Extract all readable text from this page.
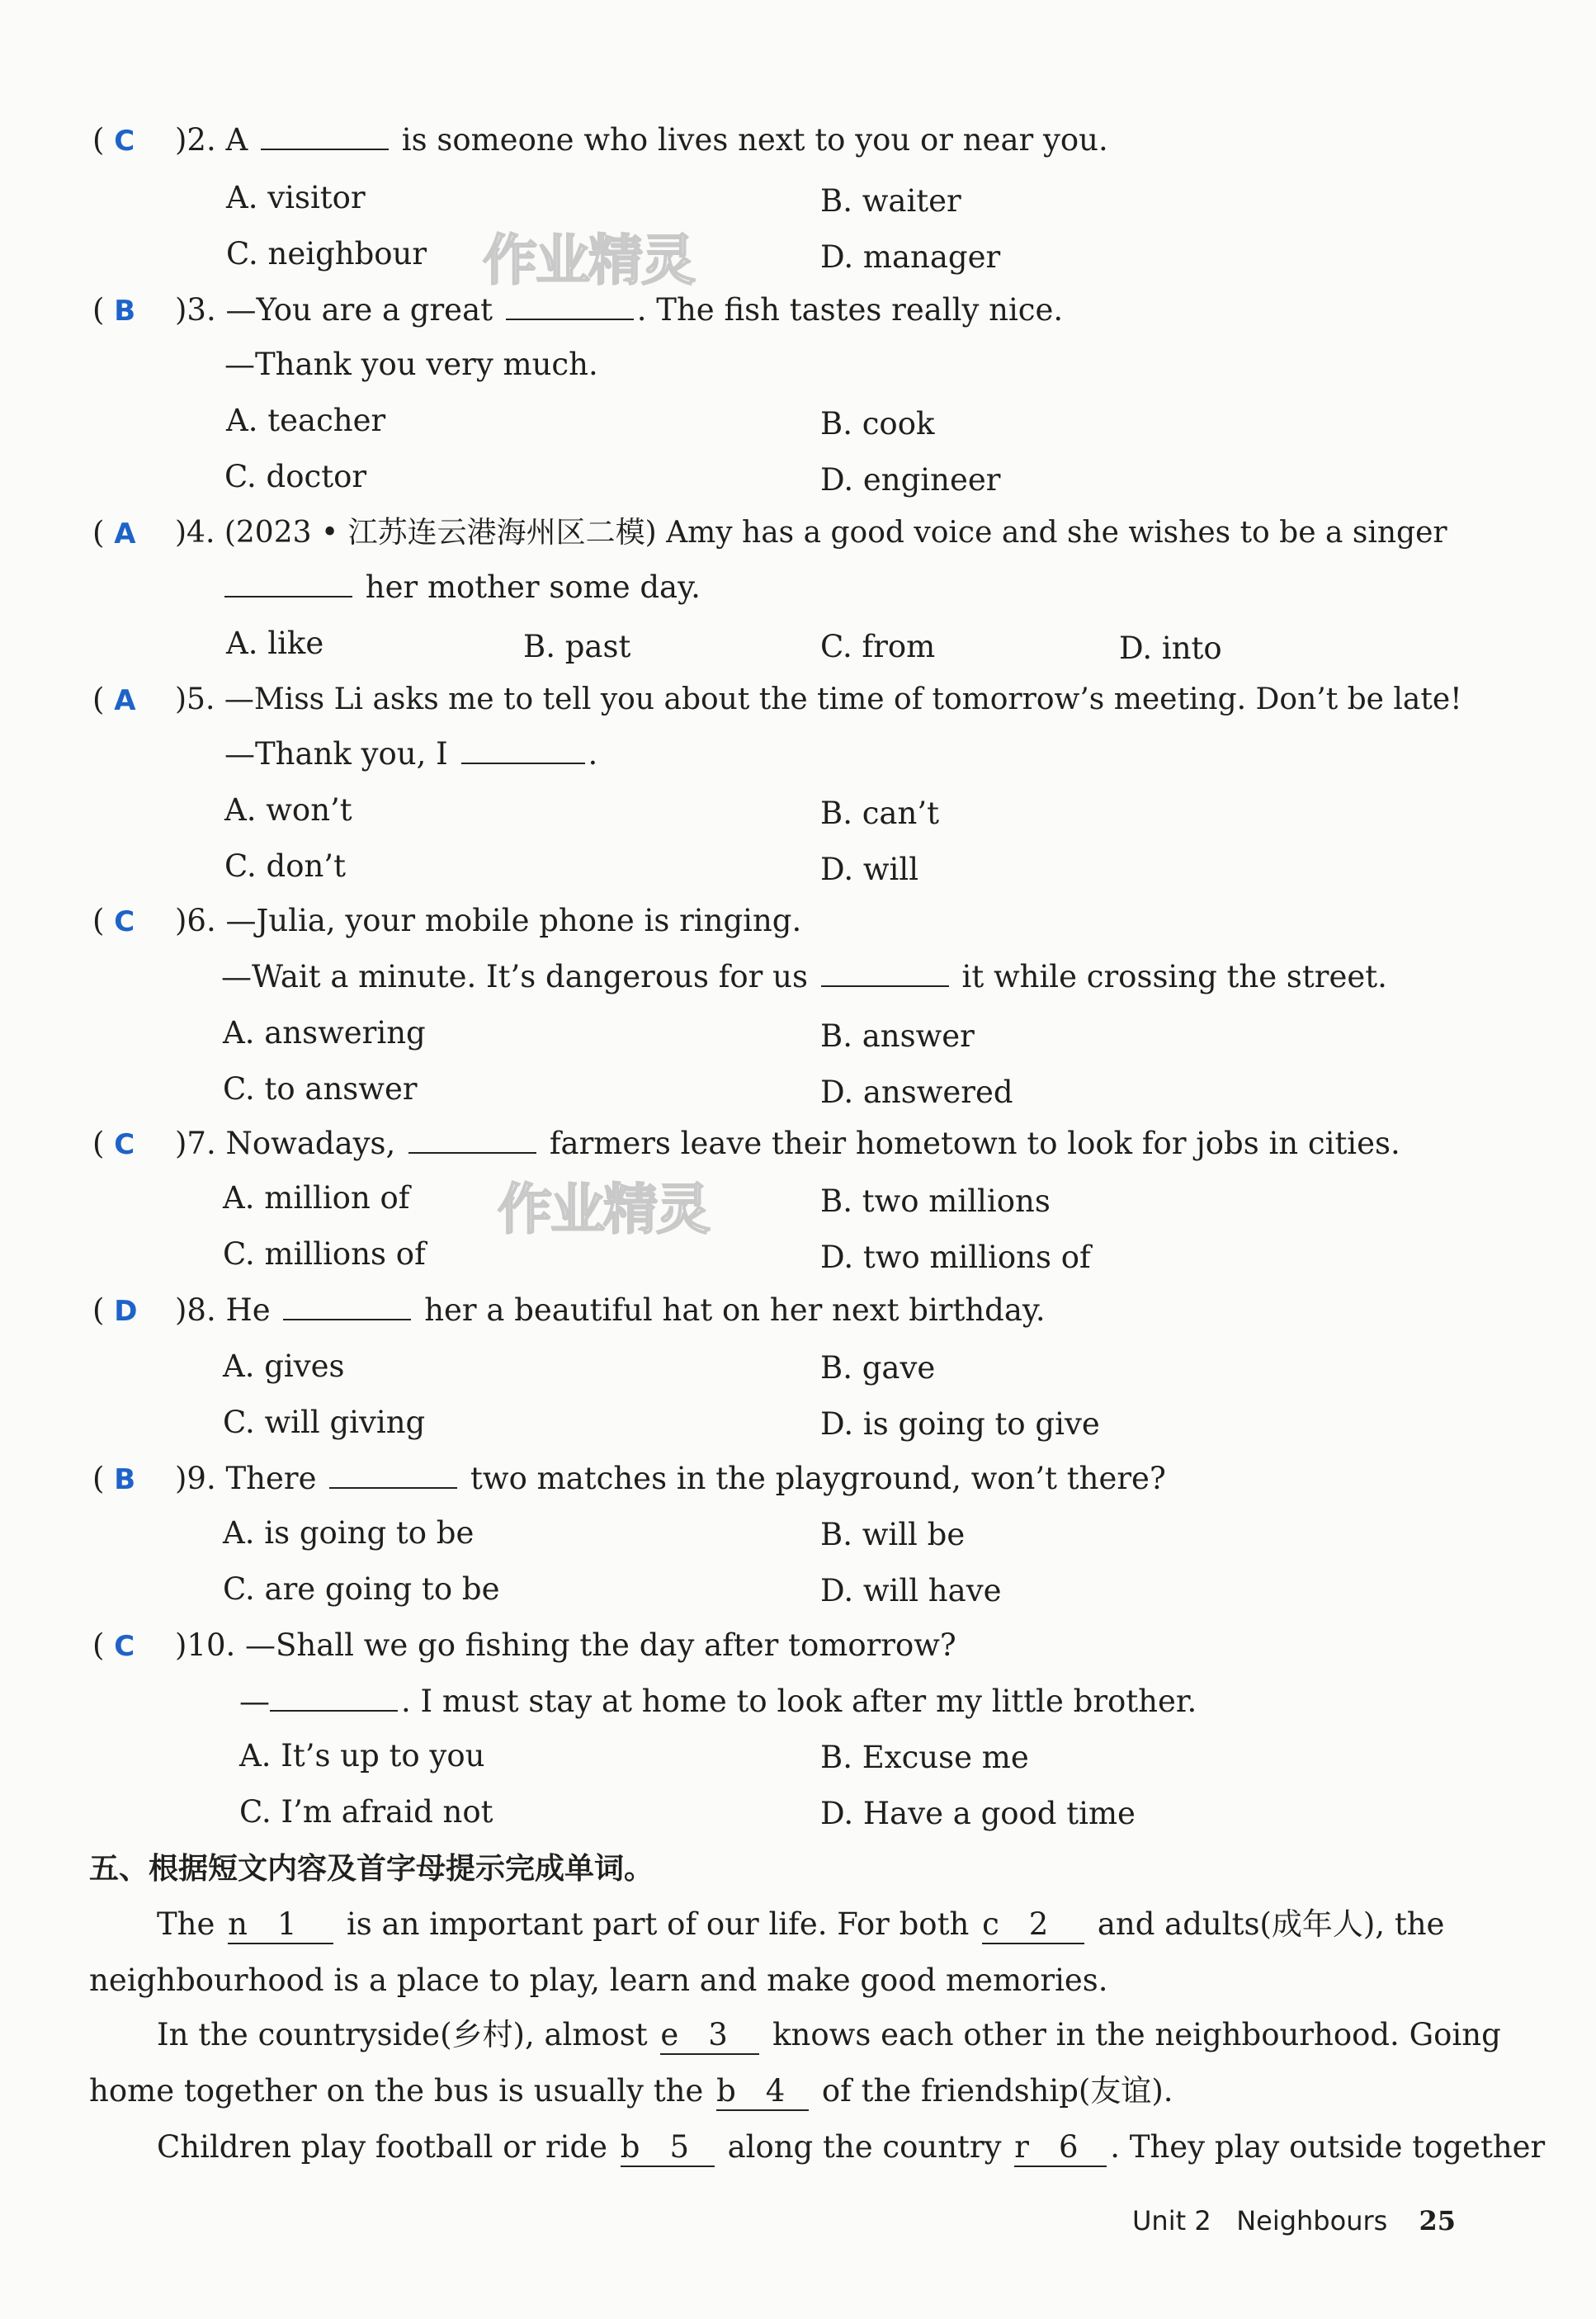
作业精灵
作业精灵
( C )2. A	is someone who lives next to you or near you.
A. visitor	B. waiter
C. neighbour	D. manager
( B )3. —You are a great	. The fish tastes really nice.
—Thank you very much.
A. teacher	B. cook
C. doctor	D. engineer
( A )4. (2023 • 江苏连云港海州区二模) Amy has a good voice and she wishes to be a singer
her mother some day.
A. like	B. past	C. from	D. into
( A )5. —Miss Li asks me to tell you about the time of tomorrow’s meeting. Don’t be late!
—Thank you, I	.
A. won’t	B. can’t
C. don’t	D. will
( C )6. —Julia, your mobile phone is ringing.
—Wait a minute. It’s dangerous for us	it while crossing the street.
A. answering	B. answer
C. to answer	D. answered
( C )7. Nowadays,	farmers leave their hometown to look for jobs in cities.
A. million of	B. two millions
C. millions of	D. two millions of
( D )8. He	her a beautiful hat on her next birthday.
A. gives	B. gave
C. will giving	D. is going to give
( B )9. There	two matches in the playground, won’t there?
A. is going to be	B. will be
C. are going to be	D. will have
( C )10. —Shall we go fishing the day after tomorrow?
—	. I must stay at home to look after my little brother.
A. It’s up to you	B. Excuse me
C. I’m afraid not	D. Have a good time
五、根据短文内容及首字母提示完成单词。
The n 1 is an important part of our life. For both c 2 and adults(成年人), the
neighbourhood is a place to play, learn and make good memories.
In the countryside(乡村), almost e 3 knows each other in the neighbourhood. Going
home together on the bus is usually the b 4 of the friendship(友谊).
Children play football or ride b 5 along the country r 6 . They play outside together
Unit 2 Neighbours 25
